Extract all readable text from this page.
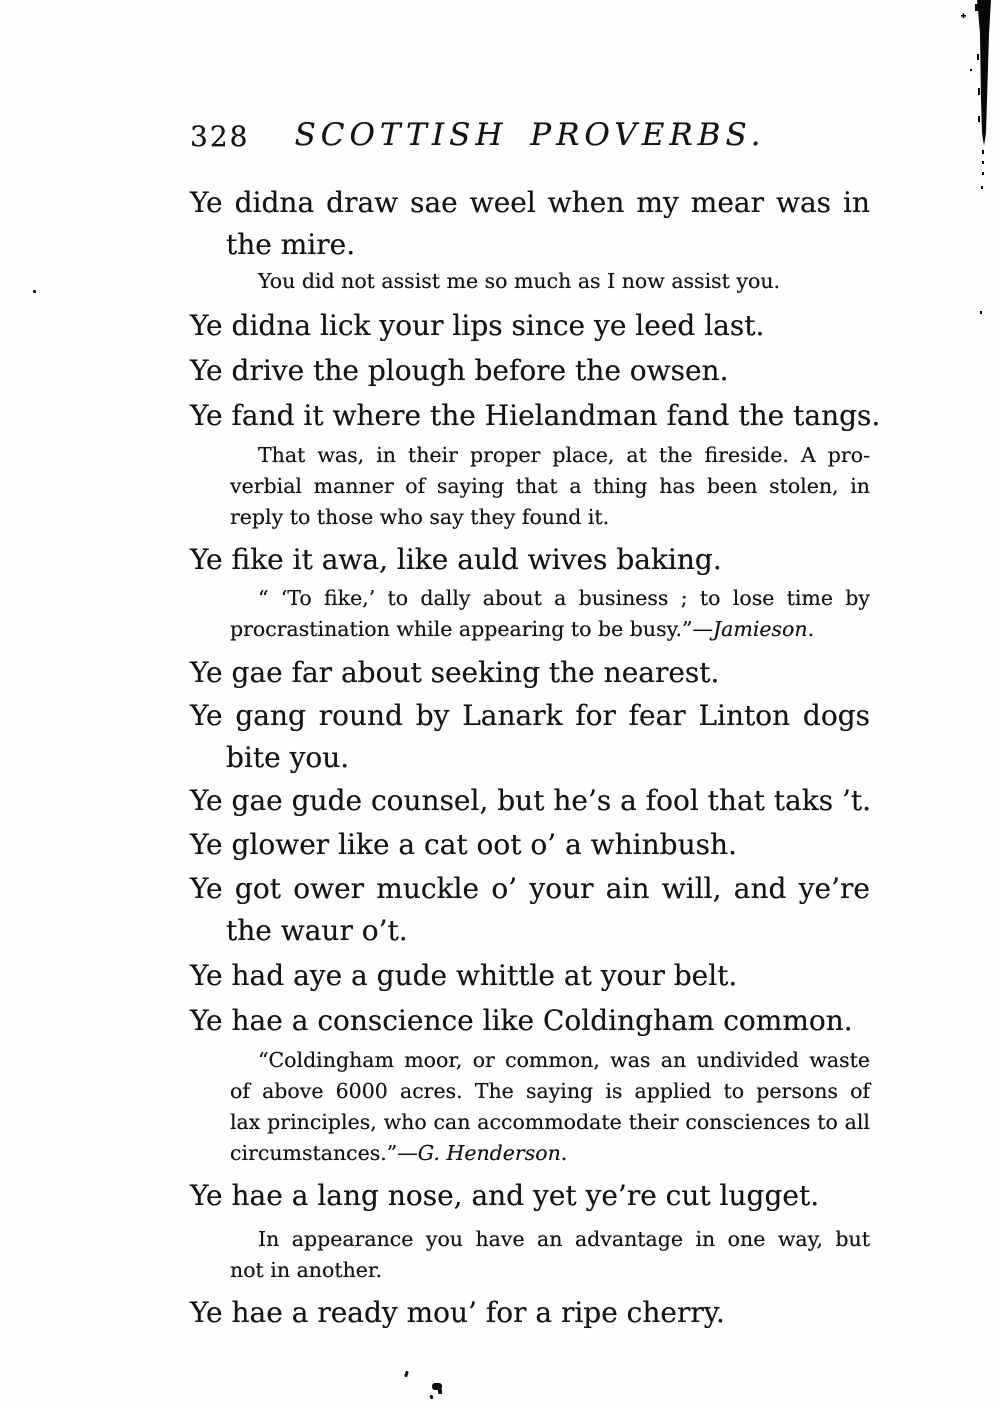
328	SCOTTISH PROVERBS.
Ye didna draw sae weel when my mear was in
the mire.
You did not assist me so much as I now assist you.
Ye didna lick your lips since ye leed last.
Ye drive the plough before the owsen.
Ye fand it where the Hielandman fand the tangs.
That was, in their proper place, at the fireside. A pro-
verbial manner of saying that a thing has been stolen, in
reply to those who say they found it.
Ye fike it awa, like auld wives baking.
“ ‘To fike,’ to dally about a business ; to lose time by
procrastination while appearing to be busy.”—Jamieson.
Ye gae far about seeking the nearest.
Ye gang round by Lanark for fear Linton dogs
bite you.
Ye gae gude counsel, but he’s a fool that taks ’t.
Ye glower like a cat oot o’ a whinbush.
Ye got ower muckle o’ your ain will, and ye’re
the waur o’t.
Ye had aye a gude whittle at your belt.
Ye hae a conscience like Coldingham common.
“Coldingham moor, or common, was an undivided waste
of above 6000 acres. The saying is applied to persons of
lax principles, who can accommodate their consciences to all
circumstances.”—G. Henderson.
Ye hae a lang nose, and yet ye’re cut lugget.
In appearance you have an advantage in one way, but
not in another.
Ye hae a ready mou’ for a ripe cherry.
